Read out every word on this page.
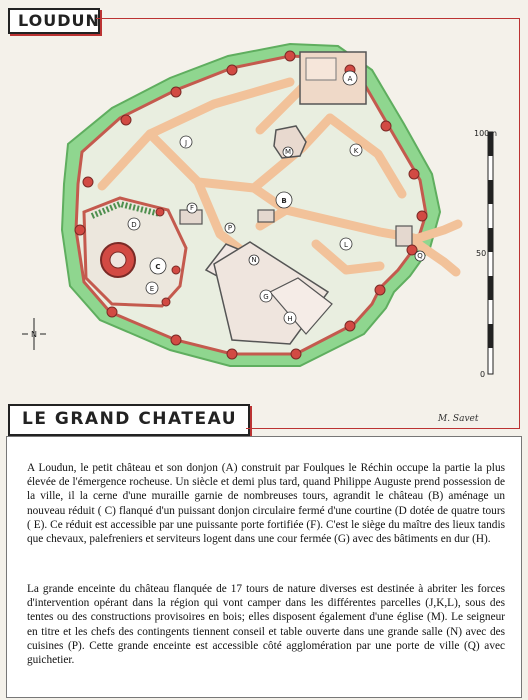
LOUDUN
A
B
C
D
E
F
G
H
J
K
L
M
N
P
Q
N
100m
50
0
LE GRAND CHATEAU	M. Savet

A Loudun, le petit château et son donjon (A) construit par Foulques le Réchin occupe la partie la plus élevée de l'émergence rocheuse. Un siècle et demi plus tard, quand Philippe Auguste prend possession de la ville, il la cerne d'une muraille garnie de nombreuses tours, agrandit le château (B) aménage un nouveau réduit ( C) flanqué d'un puissant donjon circulaire fermé d'une courtine (D dotée de quatre tours ( E). Ce réduit est accessible par une puissante porte fortifiée (F). C'est le siège du maître des lieux tandis que chevaux, palefreniers et serviteurs logent dans une cour fermée (G) avec des bâtiments en dur (H).

La grande enceinte du château flanquée de 17 tours de nature diverses est destinée à abriter les forces d'intervention opérant dans la région qui vont camper dans les différentes parcelles (J,K,L), sous des tentes ou des constructions provisoires en bois; elles disposent également d'une église (M). Le seigneur en titre et les chefs des contingents tiennent conseil et table ouverte dans une grande salle (N) avec des cuisines (P). Cette grande enceinte est accessible côté agglomération par une porte de ville (Q) avec guichetier.
